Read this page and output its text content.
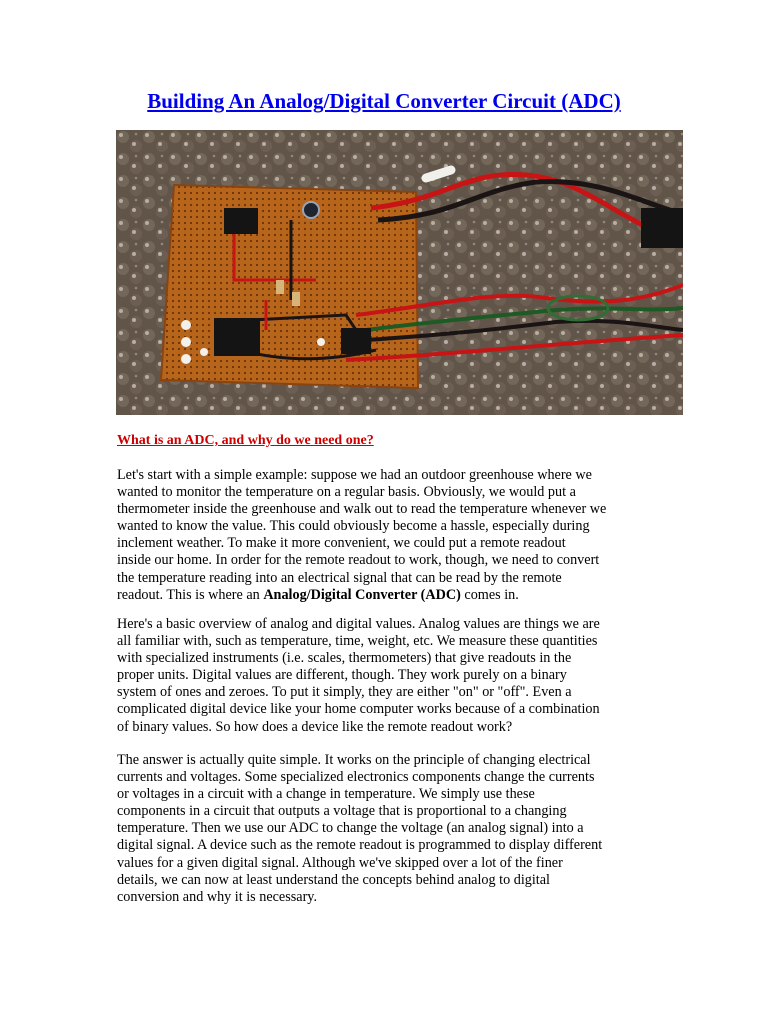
Building An Analog/Digital Converter Circuit (ADC)
What is an ADC, and why do we need one?

Let's start with a simple example: suppose we had an outdoor greenhouse where we
wanted to monitor the temperature on a regular basis. Obviously, we would put a
thermometer inside the greenhouse and walk out to read the temperature whenever we
wanted to know the value. This could obviously become a hassle, especially during
inclement weather. To make it more convenient, we could put a remote readout
inside our home. In order for the remote readout to work, though, we need to convert
the temperature reading into an electrical signal that can be read by the remote
readout. This is where an Analog/Digital Converter (ADC) comes in.

Here's a basic overview of analog and digital values. Analog values are things we are
all familiar with, such as temperature, time, weight, etc. We measure these quantities
with specialized instruments (i.e. scales, thermometers) that give readouts in the
proper units. Digital values are different, though. They work purely on a binary
system of ones and zeroes. To put it simply, they are either "on" or "off". Even a
complicated digital device like your home computer works because of a combination
of binary values. So how does a device like the remote readout work?

The answer is actually quite simple. It works on the principle of changing electrical
currents and voltages. Some specialized electronics components change the currents
or voltages in a circuit with a change in temperature. We simply use these
components in a circuit that outputs a voltage that is proportional to a changing
temperature. Then we use our ADC to change the voltage (an analog signal) into a
digital signal. A device such as the remote readout is programmed to display different
values for a given digital signal. Although we've skipped over a lot of the finer
details, we can now at least understand the concepts behind analog to digital
conversion and why it is necessary.
